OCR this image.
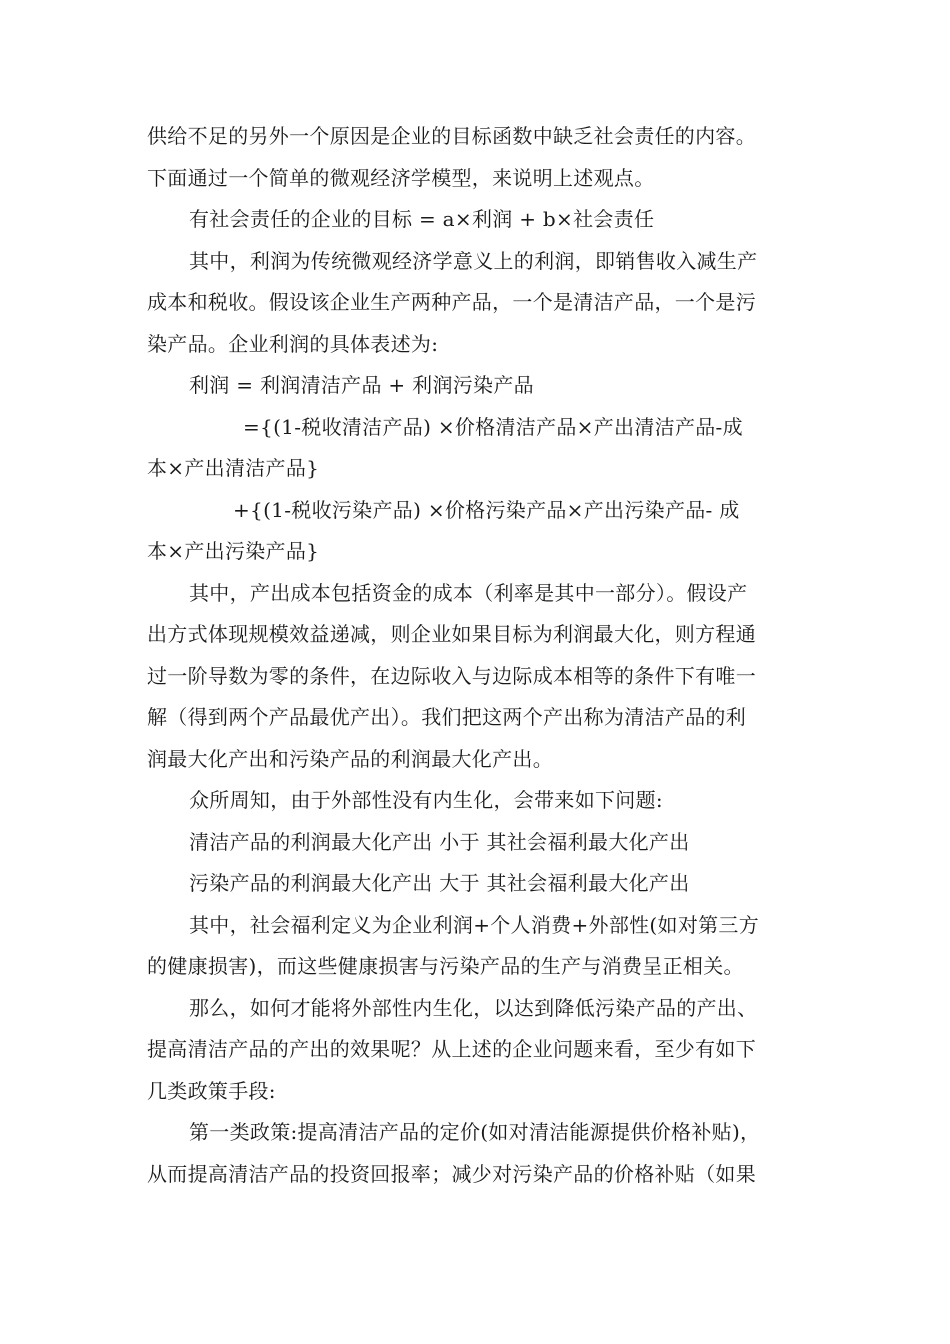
供给不足的另外一个原因是企业的目标函数中缺乏社会责任的内容。
下面通过一个简单的微观经济学模型，来说明上述观点。
有社会责任的企业的目标 = a×利润 + b×社会责任
其中，利润为传统微观经济学意义上的利润，即销售收入减生产
成本和税收。假设该企业生产两种产品，一个是清洁产品，一个是污
染产品。企业利润的具体表述为:
利润 = 利润清洁产品 + 利润污染产品
={(1-税收清洁产品) ×价格清洁产品×产出清洁产品-成
本×产出清洁产品}
+{(1-税收污染产品) ×价格污染产品×产出污染产品- 成
本×产出污染产品}
其中，产出成本包括资金的成本（利率是其中一部分）。假设产
出方式体现规模效益递减，则企业如果目标为利润最大化，则方程通
过一阶导数为零的条件，在边际收入与边际成本相等的条件下有唯一
解（得到两个产品最优产出）。我们把这两个产出称为清洁产品的利
润最大化产出和污染产品的利润最大化产出。
众所周知，由于外部性没有内生化，会带来如下问题:
清洁产品的利润最大化产出 小于 其社会福利最大化产出
污染产品的利润最大化产出 大于 其社会福利最大化产出
其中，社会福利定义为企业利润+个人消费+外部性(如对第三方
的健康损害)，而这些健康损害与污染产品的生产与消费呈正相关。
那么，如何才能将外部性内生化，以达到降低污染产品的产出、
提高清洁产品的产出的效果呢？从上述的企业问题来看，至少有如下
几类政策手段:
第一类政策:提高清洁产品的定价(如对清洁能源提供价格补贴)，
从而提高清洁产品的投资回报率；减少对污染产品的价格补贴（如果
